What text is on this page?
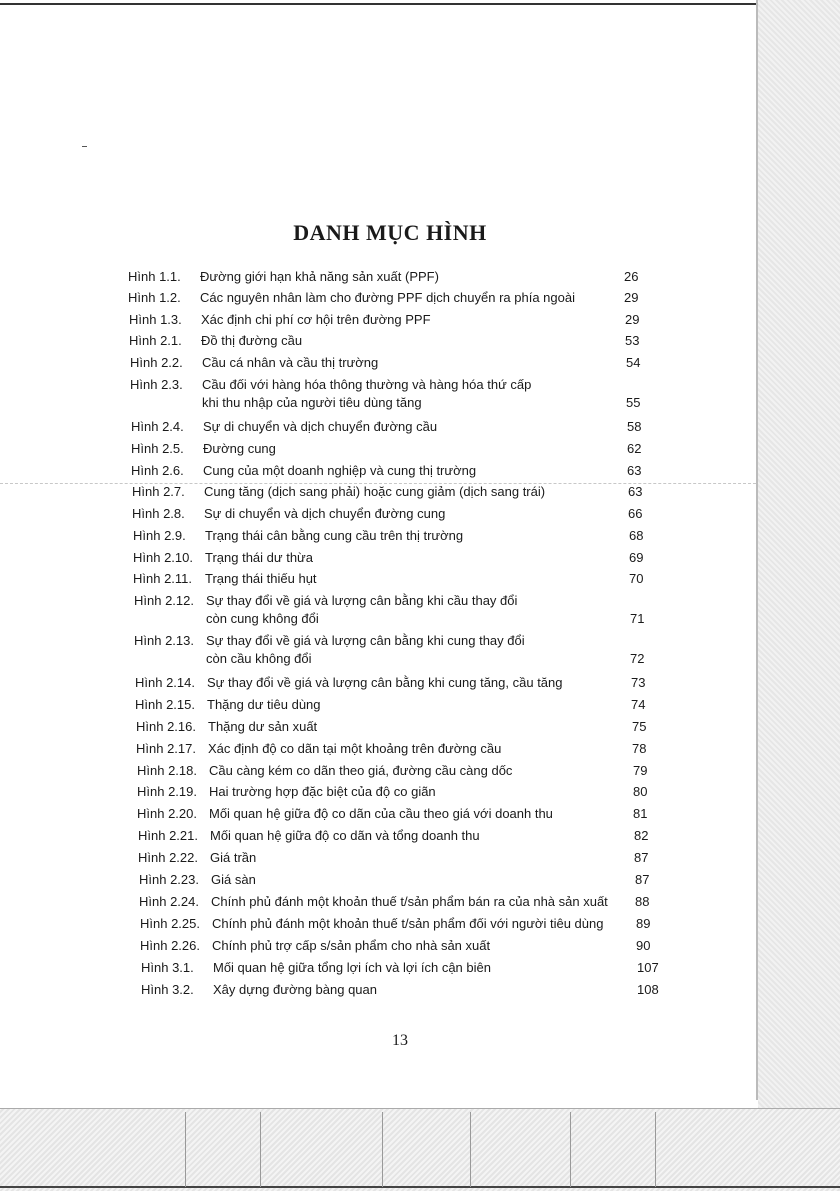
DANH MỤC HÌNH
Hình 1.1.	Đường giới hạn khả năng sản xuất (PPF)	26
Hình 1.2.	Các nguyên nhân làm cho đường PPF dịch chuyển ra phía ngoài	29
Hình 1.3.	Xác định chi phí cơ hội trên đường PPF	29
Hình 2.1.	Đồ thị đường cầu	53
Hình 2.2.	Cầu cá nhân và cầu thị trường	54
Hình 2.3.	Cầu đối với hàng hóa thông thường và hàng hóa thứ cấp
khi thu nhập của người tiêu dùng tăng	55
Hình 2.4.	Sự di chuyển và dịch chuyển đường cầu	58
Hình 2.5.	Đường cung	62
Hình 2.6.	Cung của một doanh nghiệp và cung thị trường	63
Hình 2.7.	Cung tăng (dịch sang phải) hoặc cung giảm (dịch sang trái)	63
Hình 2.8.	Sự di chuyển và dịch chuyển đường cung	66
Hình 2.9.	Trạng thái cân bằng cung cầu trên thị trường	68
Hình 2.10. Trạng thái dư thừa	69
Hình 2.11. Trạng thái thiếu hụt	70
Hình 2.12. Sự thay đổi về giá và lượng cân bằng khi cầu thay đổi
còn cung không đổi	71
Hình 2.13. Sự thay đổi về giá và lượng cân bằng khi cung thay đổi
còn cầu không đổi	72
Hình 2.14. Sự thay đổi về giá và lượng cân bằng khi cung tăng, cầu tăng	73
Hình 2.15. Thặng dư tiêu dùng	74
Hình 2.16. Thặng dư sản xuất	75
Hình 2.17. Xác định độ co dãn tại một khoảng trên đường cầu	78
Hình 2.18. Cầu càng kém co dãn theo giá, đường cầu càng dốc	79
Hình 2.19. Hai trường hợp đặc biệt của độ co giãn	80
Hình 2.20. Mối quan hệ giữa độ co dãn của cầu theo giá với doanh thu	81
Hình 2.21. Mối quan hệ giữa độ co dãn và tổng doanh thu	82
Hình 2.22. Giá trần	87
Hình 2.23. Giá sàn	87
Hình 2.24. Chính phủ đánh một khoản thuế t/sản phẩm bán ra của nhà sản xuất	88
Hình 2.25. Chính phủ đánh một khoản thuế t/sản phẩm đối với người tiêu dùng	89
Hình 2.26. Chính phủ trợ cấp s/sản phẩm cho nhà sản xuất	90
Hình 3.1.	Mối quan hệ giữa tổng lợi ích và lợi ích cận biên	107
Hình 3.2.	Xây dựng đường bàng quan	108
13
